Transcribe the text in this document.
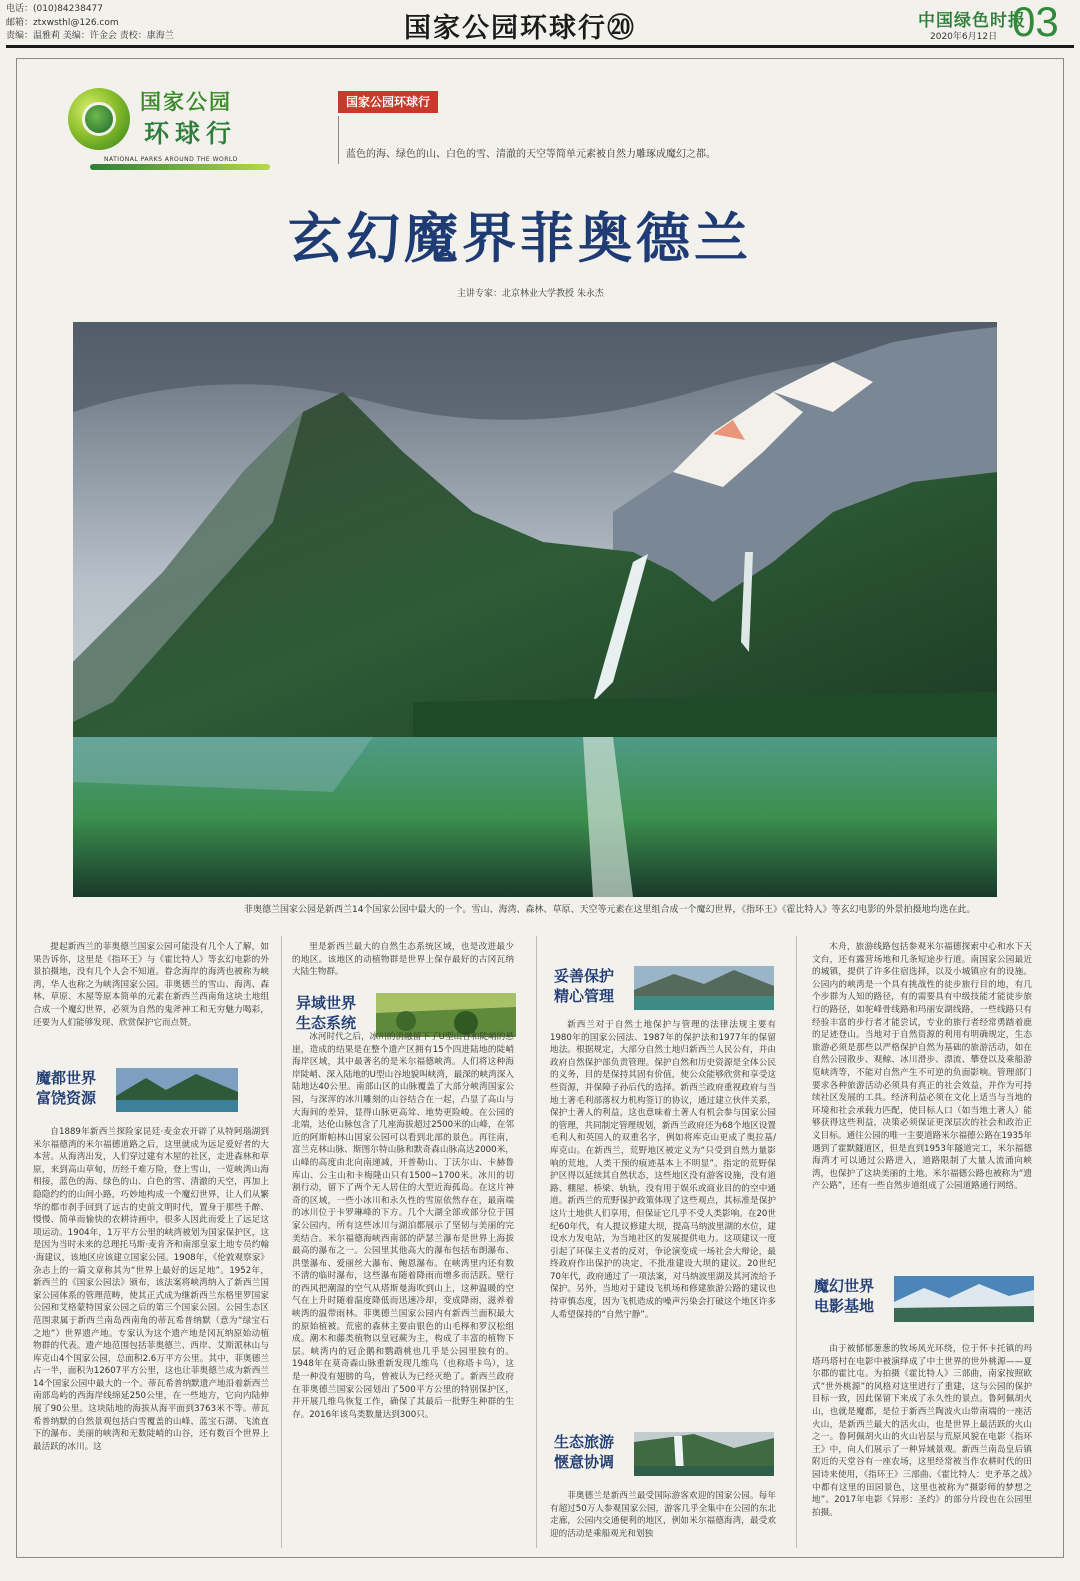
电话：(010)84238477
邮箱：ztxwsthl@126.com
责编：温雅莉 美编：许金会 责校：康海兰	国家公园环球行⑳	中国绿色时报
2020年6月12日 03
国家公园
环球行
NATIONAL PARKS AROUND THE WORLD
国家公园环球行
蓝色的海、绿色的山、白色的雪、清澈的天空等简单元素被自然力雕琢成魔幻之都。
玄幻魔界菲奥德兰
主讲专家：北京林业大学教授 朱永杰
菲奥德兰国家公园是新西兰14个国家公园中最大的一个。雪山、海湾、森林、草原、天空等元素在这里组合成一个魔幻世界，《指环王》《霍比特人》等玄幻电影的外景拍摄地均选在此。

提起新西兰的菲奥德兰国家公园可能没有几个人了解，如果告诉你，这里是《指环王》与《霍比特人》等玄幻电影的外景拍摄地，没有几个人会不知道。眷念海岸的海湾也被称为峡湾，华人也称之为峡湾国家公园。菲奥德兰的雪山、海湾、森林、草原、木屋等原本简单的元素在新西兰西南角这块土地组合成一个魔幻世界，必须为自然的鬼斧神工和无穷魅力喝彩，还要为人们能够发现、欣赏保护它而点赞。

魔都世界
富饶资源

自1889年新西兰探险家昆廷·麦金农开辟了从特阿瑙湖到米尔福德湾的米尔福德道路之后，这里就成为远足爱好者的大本营。从海湾出发，人们穿过建有木屋的社区，走进森林和草原，来到高山草甸，历经千难万险，登上雪山，一览峡湾山海相接，蓝色的海、绿色的山、白色的雪、清澈的天空，再加上隐隐约约的山间小路，巧妙地构成一个魔幻世界，让人们从繁华的都市刹手回到了远古的史前文明时代，置身于那些千醉、慢慢、简单而愉快的农耕诗画中，很多人因此而爱上了远足这项运动。1904年，1万平方公里的峡湾被划为国家保护区，这是因为当时未来的总理托马斯·麦肯齐和南部皇家土地专员约翰·海建议，该地区应该建立国家公园。1908年，《伦敦观察家》杂志上的一篇文章称其为“世界上最好的远足地”。1952年，新西兰的《国家公园法》颁布，该法案将峡湾纳入了新西兰国家公园体系的管理范畴，使其正式成为继新西兰东格里罗国家公园和艾格蒙特国家公园之后的第三个国家公园。公园生态区范围隶属于新西兰南岛西南角的蒂瓦希普纳默（意为“绿宝石之地”）世界遗产地。专家认为这个遗产地是冈瓦纳原始动植物群的代表。遗产地范围包括菲奥德兰、西岸、艾斯派林山与库克山4个国家公园，总面积2.6万平方公里。其中，菲奥德兰占一半，面积为12607平方公里，这也让菲奥德兰成为新西兰14个国家公园中最大的一个。蒂瓦希普纳默遗产地沿着新西兰南部岛屿的西海岸线绵延250公里，在一些地方，它向内陆伸展了90公里。这块陆地的海拔从海平面到3763米不等。蒂瓦希普纳默的自然景观包括白雪覆盖的山峰、蓝宝石湖、飞流直下的瀑布、美丽的峡湾和无数陡峭的山谷，还有数百个世界上最活跃的冰川。这

里是新西兰最大的自然生态系统区域，也是改进最少的地区。该地区的动植物群是世界上保存最好的古冈瓦纳大陆生物群。

异域世界
生态系统

冰河时代之后，冰川的消融留下了U型山谷和陡峭的悬崖，造成的结果是在整个遗产区拥有15个四进陆地的陡峭海岸区域，其中最著名的是米尔福德峡湾。人们将这种海岸陡峭、深入陆地的U型山谷地貌叫峡湾，最深的峡湾深入陆地达40公里。南部山区的山脉覆盖了大部分峡湾国家公园，与深浑的冰川雕刻的山谷结合在一起，凸显了高山与大海间的差异，显得山脉更高耸、地势更险峻。在公园的北端，达伦山脉包含了几座海拔超过2500米的山峰，在邻近的阿斯帕林山国家公园可以看到北部的景色。再往南，富兰克林山脉、斯图尔特山脉和默奇森山脉高达2000米，山峰的高度由北向南递减，开普勒山、丁沃尔山、卡赫鲁库山、公主山和卡梅隆山只有1500~1700米。冰川的切割行动，留下了两个无人居住的大型近海孤岛。在这片神奇的区域，一些小冰川和永久性的雪原依然存在，最南端的冰川位于卡罗琳峰的下方。几个大湖全部或部分位于国家公园内，所有这些冰川与湖泊都展示了坚韧与美丽的完美结合。米尔福德海峡西南部的萨瑟兰瀑布是世界上海拔最高的瀑布之一。公园里其他高大的瀑布包括布朗瀑布、洪堡瀑布、爱丽丝大瀑布、鲍恩瀑布。在峡湾里内还有数不清的临时瀑布，这些瀑布随着降雨而增多而活跃。壁行的西风把潮湿的空气从塔斯曼海吹到山上，这种温暖的空气在上升时随着温度降低而迅速冷却，变成降雨，滋养着峡湾的温带雨林。菲奥德兰国家公园内有新西兰面积最大的原始植被。荒密的森林主要由银色的山毛榉和罗汉松组成。潮木和藤类植物以皇冠蕨为主，构成了丰富的植物下层。峡湾内的冠企鹅和鹦鹉桃也几乎是公园里独有的。1948年在莫奇森山脉重新发现几维鸟（也称塔卡鸟），这是一种没有翅膀的鸟，曾被认为已经灭绝了。新西兰政府在菲奥德兰国家公园划出了500平方公里的特别保护区，并开展几维鸟恢复工作，确保了其最后一批野生种群的生存。2016年该鸟类数量达到300只。

妥善保护
精心管理

新西兰对于自然土地保护与管理的法律法规主要有1980年的国家公园法、1987年的保护法和1977年的保留地法。根据规定，大部分自然土地归新西兰人民公有，并由政府自然保护部负责管理。保护自然和历史资源是全体公民的义务，目的是保持其固有价值，使公众能够欣赏和享受这些资源，并保障子孙后代的选择。新西兰政府重视政府与当地土著毛利部落权力机构签订的协议，通过建立伙伴关系，保护土著人的利益，这也意味着土著人有机会参与国家公园的管理，共同制定管理规划，新西兰政府还为68个地区设置毛利人和英国人的双重名字，例如将库克山更成了奥拉基/库克山。在新西兰，荒野地区被定义为“只受到自然力量影响的荒地，人类干预的痕迹基本上不明显”。指定的荒野保护区得以延续其自然状态，这些地区没有游客设施，没有道路、棚屋、桥梁、轨轨，没有用于娱乐或商业目的的空中通道。新西兰的荒野保护政策体现了这些观点，其标准是保护这片土地供人们享用，但保证它几乎不受人类影响。在20世纪60年代，有人提议修建大坝，提高马纳波里湖的水位，建设水力发电站，为当地社区的发展提供电力。这项建议一度引起了环保主义者的反对，争论演变成一场社会大辩论，最终政府作出保护的决定，不批准建设大坝的建议。20世纪70年代，政府通过了一项法案，对马纳波里湖及其河流给予保护。另外，当地对于建设飞机场和修建旅游公路的建议也持审慎态度，因为飞机造成的噪声污染会打破这个地区许多人希望保持的“自然宁静”。

生态旅游
惬意协调

菲奥德兰是新西兰最受国际游客欢迎的国家公园。每年有超过50万人参观国家公园，游客几乎全集中在公园的东北走廊，公园内交通便利的地区，例如米尔福德海湾，最受欢迎的活动是乘船观光和划独

木舟，旅游线路包括参观米尔福德探索中心和水下天文台，还有露营场地和几条短途步行道。南国家公园最近的城镇，提供了许多住宿选择，以及小城镇应有的设施。公园内的峡湾是一个具有挑战性的徒步旅行目的地，有几个步群为人知的路径，有的需要具有中级技能才能徒步旅行的路径，如驼峰骨线路和玛丽安湖线路，一些线路只有经验丰富的步行者才能尝试，专业的旅行者经常勇踏着鹿的足迹登山。当地对于自然资源的利用有明确规定，生态旅游必须是那些以严格保护自然为基础的旅游活动，如在自然公园散步、观鲸、冰川滑步、漂流、攀登以及乘船游览峡湾等，不能对自然产生不可逆的负面影响。管理部门要求各种旅游活动必须具有真正的社会效益，并作为可持续社区发展的工具。经济利益必须在文化上适当与当地的环境和社会承载力匹配，使目标人口（如当地土著人）能够获得这些利益，决策必须保证更深层次的社会和政治正义目标。通往公园的唯一主要道路米尔福德公路在1935年遇到了霍默隧道区，但是直到1953年隧道完工，米尔福德海湾才可以通过公路进入，道路限制了大量人流涌向峡湾，也保护了这块美丽的土地。米尔福德公路也被称为“遗产公路”，还有一些自然步道组成了公园道路通行网络。

魔幻世界
电影基地

由于被郁郁葱葱的牧场风光环绕，位于怀卡托镇的玛塔玛塔村在电影中被演绎成了中土世界的世外桃源——夏尔郡的霍比屯。为拍摄《霍比特人》三部曲，南家按照欧式“世外桃源”的风格对这里进行了重建，这与公园的保护目标一致，因此保留下来成了永久性的景点。鲁阿佩胡火山，也就是魔都，是位于新西兰陶波火山带南端的一座活火山，是新西兰最大的活火山，也是世界上最活跃的火山之一。鲁阿佩胡火山的火山岩层与荒原风貌在电影《指环王》中，向人们展示了一种异域景观。新西兰南岛皇后镇附近的天堂谷有一座农场，这里经常被当作农耕时代的田园诗来使用，《指环王》三部曲、《霍比特人：史矛革之战》中都有这里的田园景色，这里也被称为“摄影师的梦想之地”。2017年电影《异形：圣约》的部分片段也在公园里拍摄。
